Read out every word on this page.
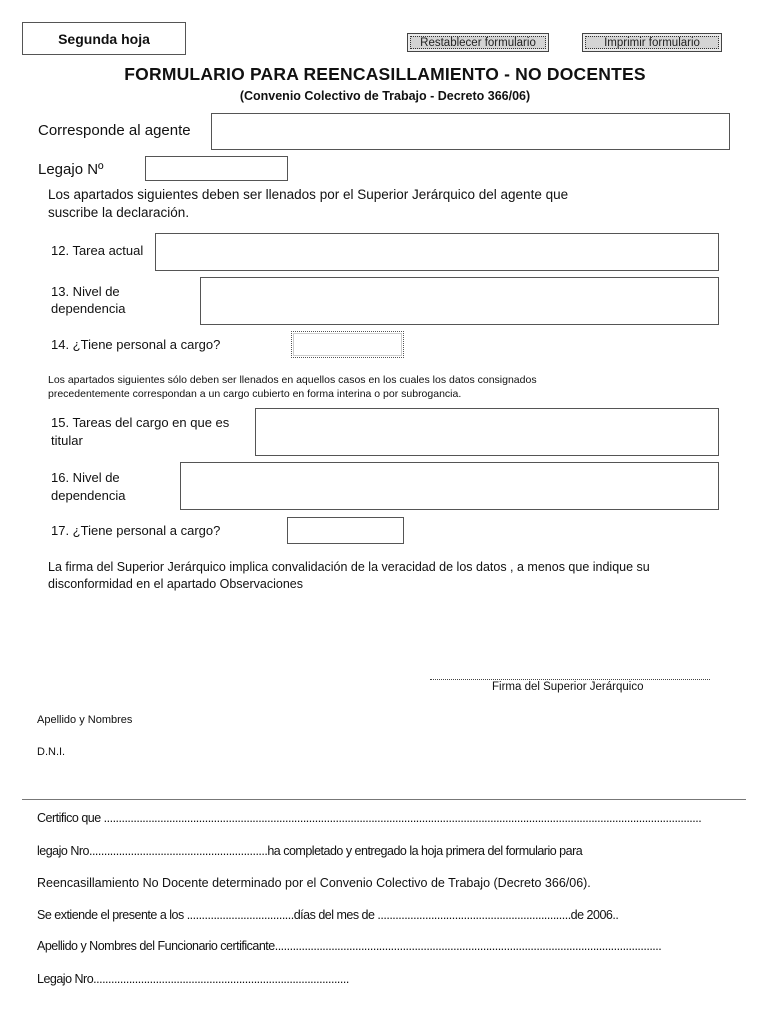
Segunda hoja	Restablecer formulario	Imprimir formulario
FORMULARIO PARA REENCASILLAMIENTO - NO DOCENTES
(Convenio Colectivo de Trabajo - Decreto 366/06)
Corresponde al agente
Legajo Nº
Los apartados siguientes deben ser llenados por el Superior Jerárquico del agente que
suscribe la declaración.
12. Tarea actual
13. Nivel de
dependencia
14. ¿Tiene personal a cargo?
Los apartados siguientes sólo deben ser llenados en aquellos casos en los cuales los datos consignados
precedentemente correspondan a un cargo cubierto en forma interina o por subrogancia.
15. Tareas del cargo en que es
titular
16. Nivel de
dependencia
17. ¿Tiene personal a cargo?
La firma del Superior Jerárquico implica convalidación de la veracidad de los datos , a menos que indique su
disconformidad en el apartado Observaciones
Firma del Superior Jerárquico
Apellido y Nombres
D.N.I.
Certifico que .........................................................................................................................................................................................................
legajo Nro............................................................ha completado y entregado la hoja primera del formulario para
Reencasillamiento No Docente determinado por el Convenio Colectivo de Trabajo (Decreto 366/06).
Se extiende el presente a los ....................................días del mes de .................................................................de 2006..
Apellido y Nombres del Funcionario certificante..................................................................................................................................
Legajo Nro......................................................................................
